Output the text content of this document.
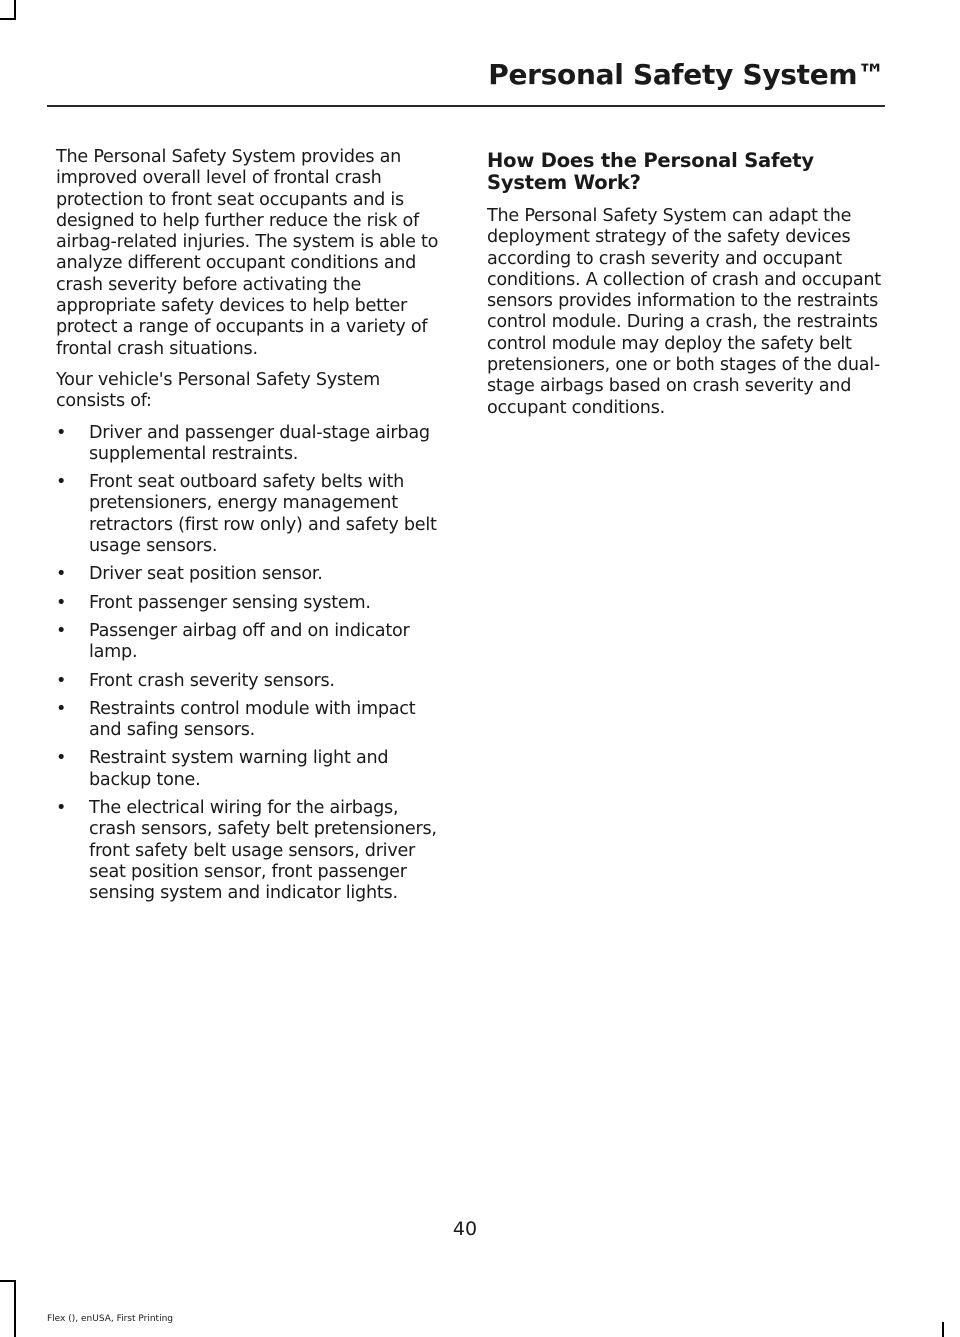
Personal Safety System™

The Personal Safety System provides an improved overall level of frontal crash protection to front seat occupants and is designed to help further reduce the risk of airbag-related injuries. The system is able to analyze different occupant conditions and crash severity before activating the appropriate safety devices to help better protect a range of occupants in a variety of frontal crash situations.

Your vehicle's Personal Safety System consists of:

• Driver and passenger dual-stage airbag supplemental restraints.
• Front seat outboard safety belts with pretensioners, energy management retractors (first row only) and safety belt usage sensors.
• Driver seat position sensor.
• Front passenger sensing system.
• Passenger airbag off and on indicator lamp.
• Front crash severity sensors.
• Restraints control module with impact and safing sensors.
• Restraint system warning light and backup tone.
• The electrical wiring for the airbags, crash sensors, safety belt pretensioners, front safety belt usage sensors, driver seat position sensor, front passenger sensing system and indicator lights.
How Does the Personal Safety System Work?

The Personal Safety System can adapt the deployment strategy of the safety devices according to crash severity and occupant conditions. A collection of crash and occupant sensors provides information to the restraints control module. During a crash, the restraints control module may deploy the safety belt pretensioners, one or both stages of the dual-stage airbags based on crash severity and occupant conditions.

40
Flex (), enUSA, First Printing
